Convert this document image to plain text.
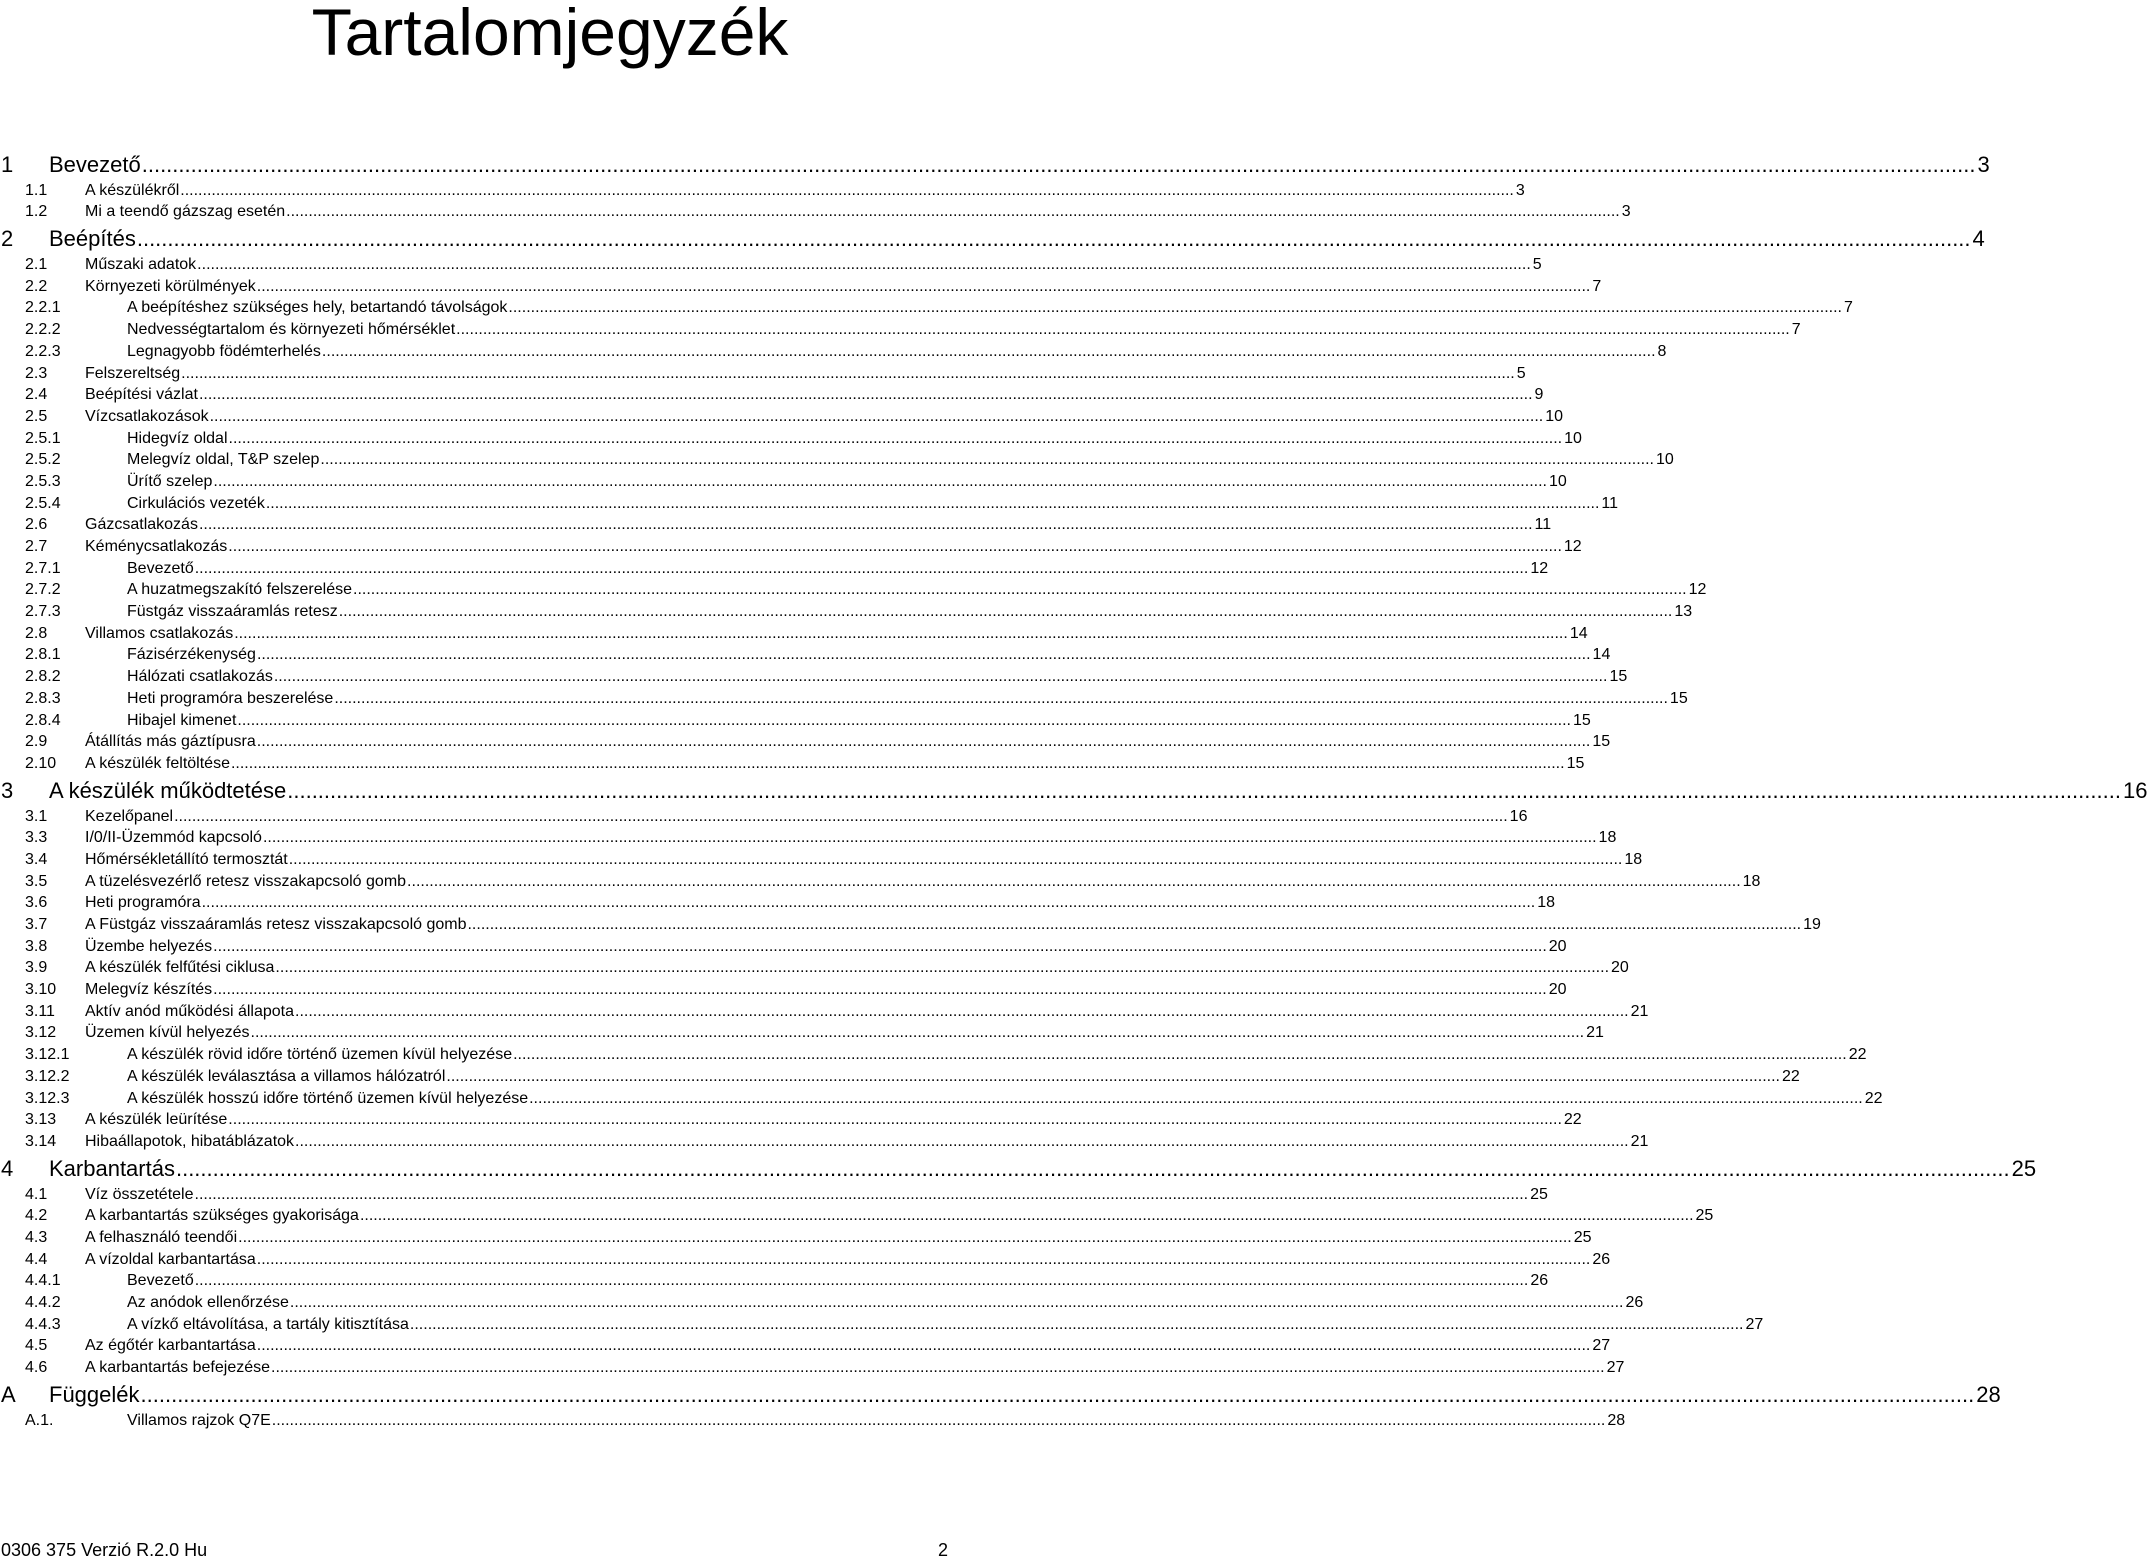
Tartalomjegyzék
1	Bevezető ............................................................................................................................................................................................................................................................................................................ 3
1.1	A készülékről ............................................................................................................................................................................................................................................................................................................ 3
1.2	Mi a teendő gázszag esetén ............................................................................................................................................................................................................................................................................................................ 3
2	Beépítés ............................................................................................................................................................................................................................................................................................................ 4
2.1	Műszaki adatok ............................................................................................................................................................................................................................................................................................................ 5
2.2	Környezeti körülmények ............................................................................................................................................................................................................................................................................................................ 7
2.2.1	A beépítéshez szükséges hely, betartandó távolságok ............................................................................................................................................................................................................................................................................................................ 7
2.2.2	Nedvességtartalom és környezeti hőmérséklet ............................................................................................................................................................................................................................................................................................................ 7
2.2.3	Legnagyobb födémterhelés ............................................................................................................................................................................................................................................................................................................ 8
2.3	Felszereltség ............................................................................................................................................................................................................................................................................................................ 5
2.4	Beépítési vázlat ............................................................................................................................................................................................................................................................................................................ 9
2.5	Vízcsatlakozások ............................................................................................................................................................................................................................................................................................................ 10
2.5.1	Hidegvíz oldal ............................................................................................................................................................................................................................................................................................................ 10
2.5.2	Melegvíz oldal, T&P szelep ............................................................................................................................................................................................................................................................................................................ 10
2.5.3	Ürítő szelep ............................................................................................................................................................................................................................................................................................................ 10
2.5.4	Cirkulációs vezeték ............................................................................................................................................................................................................................................................................................................ 11
2.6	Gázcsatlakozás ............................................................................................................................................................................................................................................................................................................ 11
2.7	Kéménycsatlakozás ............................................................................................................................................................................................................................................................................................................ 12
2.7.1	Bevezető ............................................................................................................................................................................................................................................................................................................ 12
2.7.2	A huzatmegszakító felszerelése ............................................................................................................................................................................................................................................................................................................ 12
2.7.3	Füstgáz visszaáramlás retesz ............................................................................................................................................................................................................................................................................................................ 13
2.8	Villamos csatlakozás ............................................................................................................................................................................................................................................................................................................ 14
2.8.1	Fázisérzékenység ............................................................................................................................................................................................................................................................................................................ 14
2.8.2	Hálózati csatlakozás ............................................................................................................................................................................................................................................................................................................ 15
2.8.3	Heti programóra beszerelése ............................................................................................................................................................................................................................................................................................................ 15
2.8.4	Hibajel kimenet ............................................................................................................................................................................................................................................................................................................ 15
2.9	Átállítás más gáztípusra ............................................................................................................................................................................................................................................................................................................ 15
2.10	A készülék feltöltése ............................................................................................................................................................................................................................................................................................................ 15
3	A készülék működtetése ............................................................................................................................................................................................................................................................................................................ 16
3.1	Kezelőpanel ............................................................................................................................................................................................................................................................................................................ 16
3.3	I/0/II-Üzemmód kapcsoló ............................................................................................................................................................................................................................................................................................................ 18
3.4	Hőmérsékletállító termosztát ............................................................................................................................................................................................................................................................................................................ 18
3.5	A tüzelésvezérlő retesz visszakapcsoló gomb ............................................................................................................................................................................................................................................................................................................ 18
3.6	Heti programóra ............................................................................................................................................................................................................................................................................................................ 18
3.7	A Füstgáz visszaáramlás retesz visszakapcsoló gomb ............................................................................................................................................................................................................................................................................................................ 19
3.8	Üzembe helyezés ............................................................................................................................................................................................................................................................................................................ 20
3.9	A készülék felfűtési ciklusa ............................................................................................................................................................................................................................................................................................................ 20
3.10	Melegvíz készítés ............................................................................................................................................................................................................................................................................................................ 20
3.11	Aktív anód működési állapota ............................................................................................................................................................................................................................................................................................................ 21
3.12	Üzemen kívül helyezés ............................................................................................................................................................................................................................................................................................................ 21
3.12.1	A készülék rövid időre történő üzemen kívül helyezése ............................................................................................................................................................................................................................................................................................................ 22
3.12.2	A készülék leválasztása a villamos hálózatról ............................................................................................................................................................................................................................................................................................................ 22
3.12.3	A készülék hosszú időre történő üzemen kívül helyezése ............................................................................................................................................................................................................................................................................................................ 22
3.13	A készülék leürítése ............................................................................................................................................................................................................................................................................................................ 22
3.14	Hibaállapotok, hibatáblázatok ............................................................................................................................................................................................................................................................................................................ 21
4	Karbantartás ............................................................................................................................................................................................................................................................................................................ 25
4.1	Víz összetétele ............................................................................................................................................................................................................................................................................................................ 25
4.2	A karbantartás szükséges gyakorisága ............................................................................................................................................................................................................................................................................................................ 25
4.3	A felhasználó teendői ............................................................................................................................................................................................................................................................................................................ 25
4.4	A vízoldal karbantartása ............................................................................................................................................................................................................................................................................................................ 26
4.4.1	Bevezető ............................................................................................................................................................................................................................................................................................................ 26
4.4.2	Az anódok ellenőrzése ............................................................................................................................................................................................................................................................................................................ 26
4.4.3	A vízkő eltávolítása, a tartály kitisztítása ............................................................................................................................................................................................................................................................................................................ 27
4.5	Az égőtér karbantartása ............................................................................................................................................................................................................................................................................................................ 27
4.6	A karbantartás befejezése ............................................................................................................................................................................................................................................................................................................ 27
A	Függelék ............................................................................................................................................................................................................................................................................................................ 28
A.1.	Villamos rajzok Q7E ............................................................................................................................................................................................................................................................................................................ 28
0306 375 Verzió R.2.0 Hu	2
